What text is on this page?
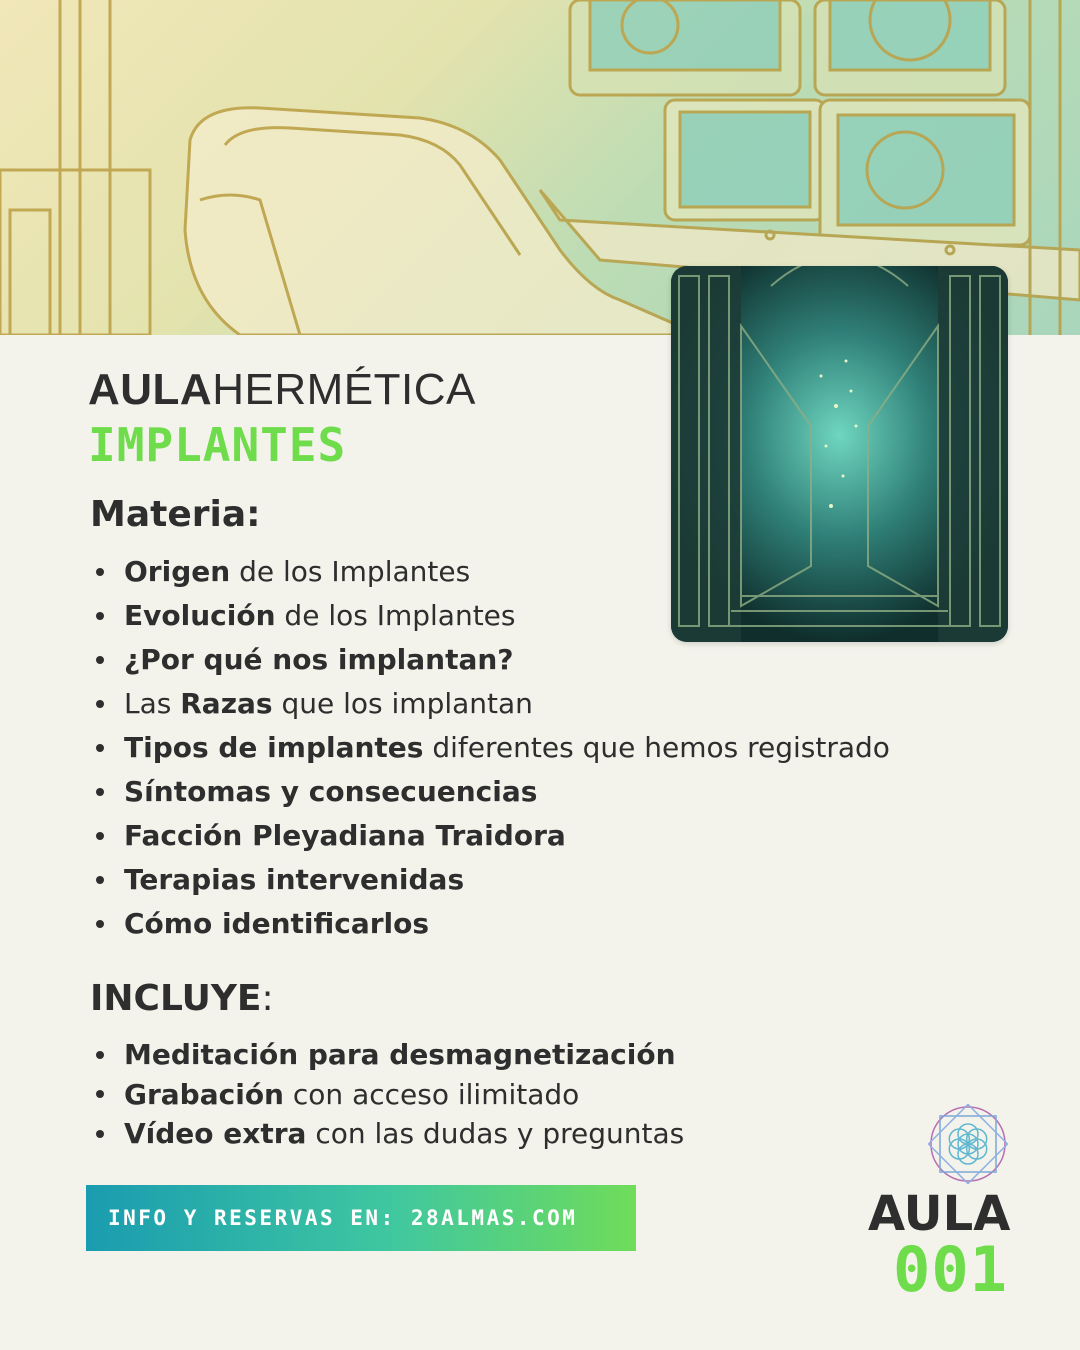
AULAHERMÉTICA
IMPLANTES
Materia:
Origen de los Implantes
Evolución de los Implantes
¿Por qué nos implantan?
Las Razas que los implantan
Tipos de implantes diferentes que hemos registrado
Síntomas y consecuencias
Facción Pleyadiana Traidora
Terapias intervenidas
Cómo identificarlos
INCLUYE:
Meditación para desmagnetización
Grabación con acceso ilimitado
Vídeo extra con las dudas y preguntas
INFO Y RESERVAS EN: 28ALMAS.COM	AULA
001
